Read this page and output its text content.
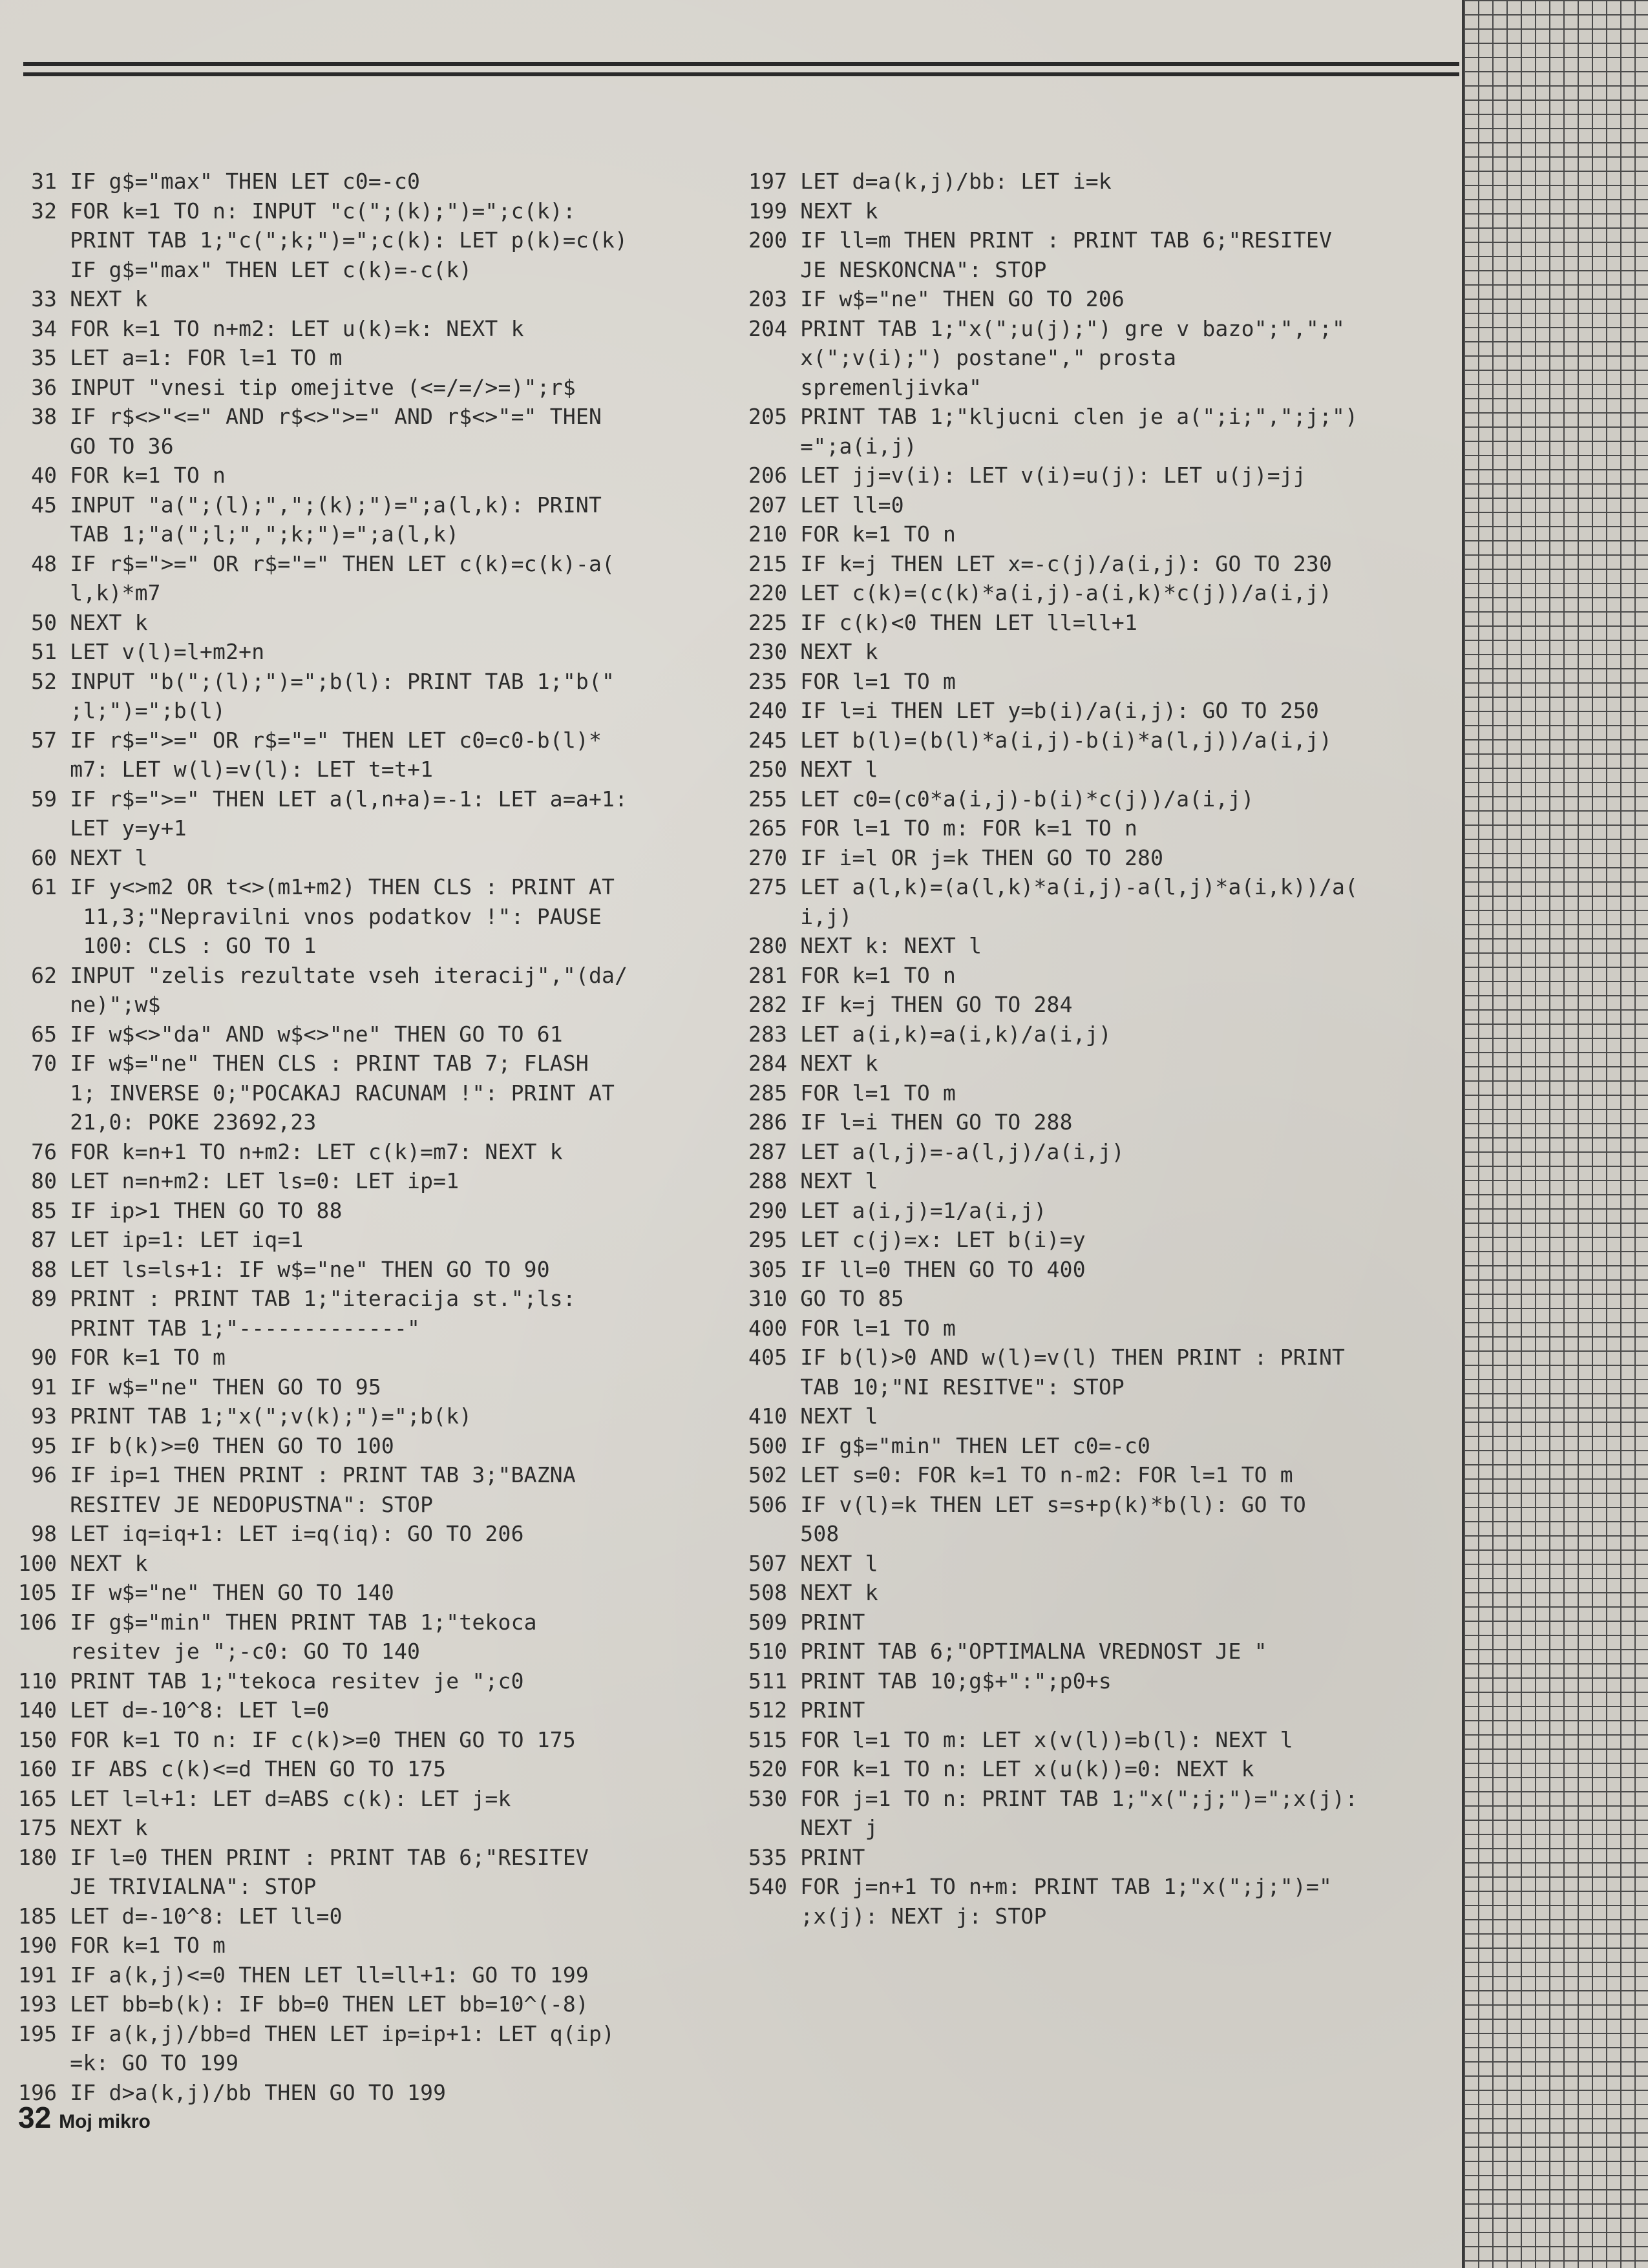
31 IF g$="max" THEN LET c0=-c0
32 FOR k=1 TO n: INPUT "c(";(k);")=";c(k):
PRINT TAB 1;"c(";k;")=";c(k): LET p(k)=c(k)
IF g$="max" THEN LET c(k)=-c(k)
33 NEXT k
34 FOR k=1 TO n+m2: LET u(k)=k: NEXT k
35 LET a=1: FOR l=1 TO m
36 INPUT "vnesi tip omejitve (<=/=/>=)";r$
38 IF r$<>"<=" AND r$<>">=" AND r$<>"=" THEN
GO TO 36
40 FOR k=1 TO n
45 INPUT "a(";(l);",";(k);")=";a(l,k): PRINT
TAB 1;"a(";l;",";k;")=";a(l,k)
48 IF r$=">=" OR r$="=" THEN LET c(k)=c(k)-a(
l,k)*m7
50 NEXT k
51 LET v(l)=l+m2+n
52 INPUT "b(";(l);")=";b(l): PRINT TAB 1;"b("
;l;")=";b(l)
57 IF r$=">=" OR r$="=" THEN LET c0=c0-b(l)*
m7: LET w(l)=v(l): LET t=t+1
59 IF r$=">=" THEN LET a(l,n+a)=-1: LET a=a+1:
LET y=y+1
60 NEXT l
61 IF y<>m2 OR t<>(m1+m2) THEN CLS : PRINT AT
11,3;"Nepravilni vnos podatkov !": PAUSE
100: CLS : GO TO 1
62 INPUT "zelis rezultate vseh iteracij","(da/
ne)";w$
65 IF w$<>"da" AND w$<>"ne" THEN GO TO 61
70 IF w$="ne" THEN CLS : PRINT TAB 7; FLASH
1; INVERSE 0;"POCAKAJ RACUNAM !": PRINT AT
21,0: POKE 23692,23
76 FOR k=n+1 TO n+m2: LET c(k)=m7: NEXT k
80 LET n=n+m2: LET ls=0: LET ip=1
85 IF ip>1 THEN GO TO 88
87 LET ip=1: LET iq=1
88 LET ls=ls+1: IF w$="ne" THEN GO TO 90
89 PRINT : PRINT TAB 1;"iteracija st.";ls:
PRINT TAB 1;"-------------"
90 FOR k=1 TO m
91 IF w$="ne" THEN GO TO 95
93 PRINT TAB 1;"x(";v(k);")=";b(k)
95 IF b(k)>=0 THEN GO TO 100
96 IF ip=1 THEN PRINT : PRINT TAB 3;"BAZNA
RESITEV JE NEDOPUSTNA": STOP
98 LET iq=iq+1: LET i=q(iq): GO TO 206
100 NEXT k
105 IF w$="ne" THEN GO TO 140
106 IF g$="min" THEN PRINT TAB 1;"tekoca
resitev je ";-c0: GO TO 140
110 PRINT TAB 1;"tekoca resitev je ";c0
140 LET d=-10^8: LET l=0
150 FOR k=1 TO n: IF c(k)>=0 THEN GO TO 175
160 IF ABS c(k)<=d THEN GO TO 175
165 LET l=l+1: LET d=ABS c(k): LET j=k
175 NEXT k
180 IF l=0 THEN PRINT : PRINT TAB 6;"RESITEV
JE TRIVIALNA": STOP
185 LET d=-10^8: LET ll=0
190 FOR k=1 TO m
191 IF a(k,j)<=0 THEN LET ll=ll+1: GO TO 199
193 LET bb=b(k): IF bb=0 THEN LET bb=10^(-8)
195 IF a(k,j)/bb=d THEN LET ip=ip+1: LET q(ip)
=k: GO TO 199
196 IF d>a(k,j)/bb THEN GO TO 199
197 LET d=a(k,j)/bb: LET i=k
199 NEXT k
200 IF ll=m THEN PRINT : PRINT TAB 6;"RESITEV
JE NESKONCNA": STOP
203 IF w$="ne" THEN GO TO 206
204 PRINT TAB 1;"x(";u(j);") gre v bazo";",";"
x(";v(i);") postane"," prosta
spremenljivka"
205 PRINT TAB 1;"kljucni clen je a(";i;",";j;")
=";a(i,j)
206 LET jj=v(i): LET v(i)=u(j): LET u(j)=jj
207 LET ll=0
210 FOR k=1 TO n
215 IF k=j THEN LET x=-c(j)/a(i,j): GO TO 230
220 LET c(k)=(c(k)*a(i,j)-a(i,k)*c(j))/a(i,j)
225 IF c(k)<0 THEN LET ll=ll+1
230 NEXT k
235 FOR l=1 TO m
240 IF l=i THEN LET y=b(i)/a(i,j): GO TO 250
245 LET b(l)=(b(l)*a(i,j)-b(i)*a(l,j))/a(i,j)
250 NEXT l
255 LET c0=(c0*a(i,j)-b(i)*c(j))/a(i,j)
265 FOR l=1 TO m: FOR k=1 TO n
270 IF i=l OR j=k THEN GO TO 280
275 LET a(l,k)=(a(l,k)*a(i,j)-a(l,j)*a(i,k))/a(
i,j)
280 NEXT k: NEXT l
281 FOR k=1 TO n
282 IF k=j THEN GO TO 284
283 LET a(i,k)=a(i,k)/a(i,j)
284 NEXT k
285 FOR l=1 TO m
286 IF l=i THEN GO TO 288
287 LET a(l,j)=-a(l,j)/a(i,j)
288 NEXT l
290 LET a(i,j)=1/a(i,j)
295 LET c(j)=x: LET b(i)=y
305 IF ll=0 THEN GO TO 400
310 GO TO 85
400 FOR l=1 TO m
405 IF b(l)>0 AND w(l)=v(l) THEN PRINT : PRINT
TAB 10;"NI RESITVE": STOP
410 NEXT l
500 IF g$="min" THEN LET c0=-c0
502 LET s=0: FOR k=1 TO n-m2: FOR l=1 TO m
506 IF v(l)=k THEN LET s=s+p(k)*b(l): GO TO
508
507 NEXT l
508 NEXT k
509 PRINT
510 PRINT TAB 6;"OPTIMALNA VREDNOST JE "
511 PRINT TAB 10;g$+":";p0+s
512 PRINT
515 FOR l=1 TO m: LET x(v(l))=b(l): NEXT l
520 FOR k=1 TO n: LET x(u(k))=0: NEXT k
530 FOR j=1 TO n: PRINT TAB 1;"x(";j;")=";x(j):
NEXT j
535 PRINT
540 FOR j=n+1 TO n+m: PRINT TAB 1;"x(";j;")="
;x(j): NEXT j: STOP
32 Moj mikro
